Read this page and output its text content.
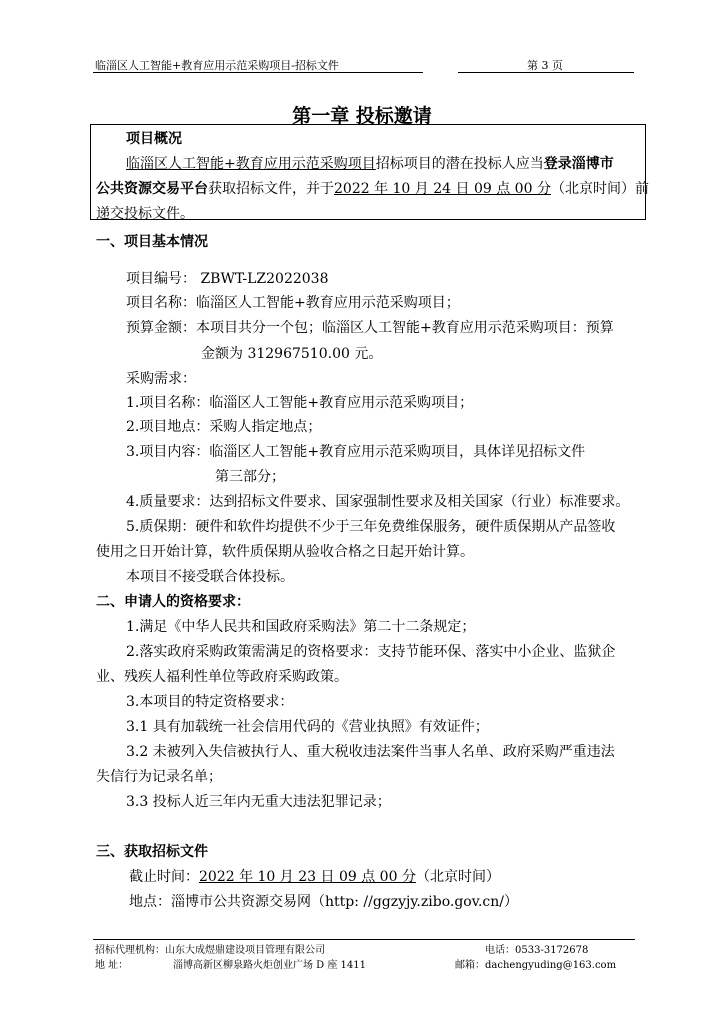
临淄区人工智能+教育应用示范采购项目-招标文件	第 3 页
第一章 投标邀请
项目概况
临淄区人工智能+教育应用示范采购项目招标项目的潜在投标人应当登录淄博市
公共资源交易平台获取招标文件，并于2022 年 10 月 24 日 09 点 00 分（北京时间）前
递交投标文件。
一、项目基本情况
项目编号： ZBWT-LZ2022038
项目名称：临淄区人工智能+教育应用示范采购项目；
预算金额：本项目共分一个包；临淄区人工智能+教育应用示范采购项目：预算
金额为 312967510.00 元。
采购需求：
1.项目名称：临淄区人工智能+教育应用示范采购项目；
2.项目地点：采购人指定地点；
3.项目内容：临淄区人工智能+教育应用示范采购项目，具体详见招标文件
第三部分；
4.质量要求：达到招标文件要求、国家强制性要求及相关国家（行业）标准要求。
5.质保期：硬件和软件均提供不少于三年免费维保服务，硬件质保期从产品签收
使用之日开始计算，软件质保期从验收合格之日起开始计算。
本项目不接受联合体投标。
二、申请人的资格要求：
1.满足《中华人民共和国政府采购法》第二十二条规定；
2.落实政府采购政策需满足的资格要求：支持节能环保、落实中小企业、监狱企
业、残疾人福利性单位等政府采购政策。
3.本项目的特定资格要求：
3.1 具有加载统一社会信用代码的《营业执照》有效证件；
3.2 未被列入失信被执行人、重大税收违法案件当事人名单、政府采购严重违法
失信行为记录名单；
3.3 投标人近三年内无重大违法犯罪记录；
三、获取招标文件
截止时间：2022 年 10 月 23 日 09 点 00 分（北京时间）
地点：淄博市公共资源交易网（http: //ggzyjy.zibo.gov.cn/）
招标代理机构：山东大成煜鼎建设项目管理有限公司	电话：0533-3172678
地 址：	淄博高新区柳泉路火炬创业广场 D 座 1411	邮箱：dachengyuding@163.com
